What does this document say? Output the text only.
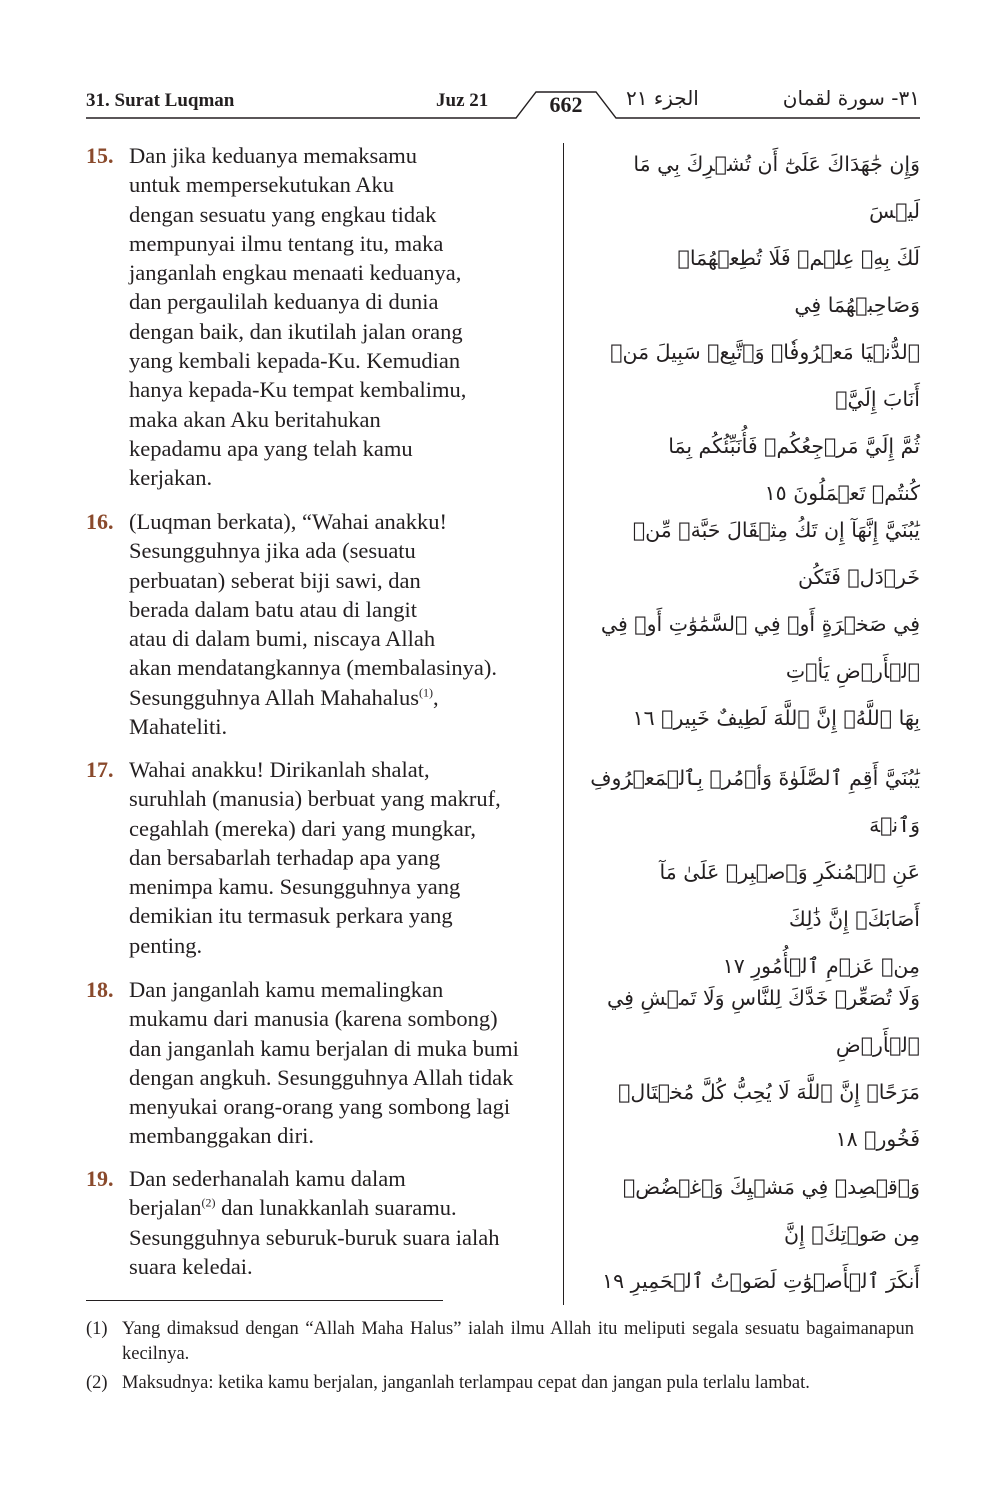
31. Surat Luqman	Juz 21	662	الجزء ٢١	٣١- سورة لقمان
15. Dan jika keduanya memaksamu
untuk mempersekutukan Aku
dengan sesuatu yang engkau tidak
mempunyai ilmu tentang itu, maka
janganlah engkau menaati keduanya,
dan pergaulilah keduanya di dunia
dengan baik, dan ikutilah jalan orang
yang kembali kepada-Ku. Kemudian
hanya kepada-Ku tempat kembalimu,
maka akan Aku beritahukan
kepadamu apa yang telah kamu
kerjakan.
وَإِن جَٰهَدَاكَ عَلَىٰٓ أَن تُشۡرِكَ بِي مَا لَيۡسَ
لَكَ بِهِۦ عِلۡمٞ فَلَا تُطِعۡهُمَاۖ وَصَاحِبۡهُمَا فِي
ٱلدُّنۡيَا مَعۡرُوفٗاۖ وَٱتَّبِعۡ سَبِيلَ مَنۡ أَنَابَ إِلَيَّۚ
ثُمَّ إِلَيَّ مَرۡجِعُكُمۡ فَأُنَبِّئُكُم بِمَا
كُنتُمۡ تَعۡمَلُونَ ١٥
16. (Luqman berkata), “Wahai anakku!
Sesungguhnya jika ada (sesuatu
perbuatan) seberat biji sawi, dan
berada dalam batu atau di langit
atau di dalam bumi, niscaya Allah
akan mendatangkannya (membalasinya).
Sesungguhnya Allah Mahahalus$^{(1)}$,
Mahateliti.
يَٰبُنَيَّ إِنَّهَآ إِن تَكُ مِثۡقَالَ حَبَّةٖ مِّنۡ خَرۡدَلٖ فَتَكُن
فِي صَخۡرَةٍ أَوۡ فِي ٱلسَّمَٰوَٰتِ أَوۡ فِي ٱلۡأَرۡضِ يَأۡتِ
بِهَا ٱللَّهُۚ إِنَّ ٱللَّهَ لَطِيفٌ خَبِيرٞ ١٦
17. Wahai anakku! Dirikanlah shalat,
suruhlah (manusia) berbuat yang makruf,
cegahlah (mereka) dari yang mungkar,
dan bersabarlah terhadap apa yang
menimpa kamu. Sesungguhnya yang
demikian itu termasuk perkara yang
penting.
يَٰبُنَيَّ أَقِمِ ٱلصَّلَوٰةَ وَأۡمُرۡ بِٱلۡمَعۡرُوفِ وَٱنۡهَ
عَنِ ٱلۡمُنكَرِ وَٱصۡبِرۡ عَلَىٰ مَآ أَصَابَكَۖ إِنَّ ذَٰلِكَ
مِنۡ عَزۡمِ ٱلۡأُمُورِ ١٧
18. Dan janganlah kamu memalingkan
mukamu dari manusia (karena sombong)
dan janganlah kamu berjalan di muka bumi
dengan angkuh. Sesungguhnya Allah tidak
menyukai orang-orang yang sombong lagi
membanggakan diri.
وَلَا تُصَعِّرۡ خَدَّكَ لِلنَّاسِ وَلَا تَمۡشِ فِي ٱلۡأَرۡضِ
مَرَحًاۖ إِنَّ ٱللَّهَ لَا يُحِبُّ كُلَّ مُخۡتَالٖ فَخُورٖ ١٨
19. Dan sederhanalah kamu dalam
berjalan$^{(2)}$ dan lunakkanlah suaramu.
Sesungguhnya seburuk-buruk suara ialah
suara keledai.
وَٱقۡصِدۡ فِي مَشۡيِكَ وَٱغۡضُضۡ مِن صَوۡتِكَۚ إِنَّ
أَنكَرَ ٱلۡأَصۡوَٰتِ لَصَوۡتُ ٱلۡحَمِيرِ ١٩
(1) Yang dimaksud dengan “Allah Maha Halus” ialah ilmu Allah itu meliputi segala sesuatu bagaimanapun kecilnya.
(2) Maksudnya: ketika kamu berjalan, janganlah terlampau cepat dan jangan pula terlalu lambat.
